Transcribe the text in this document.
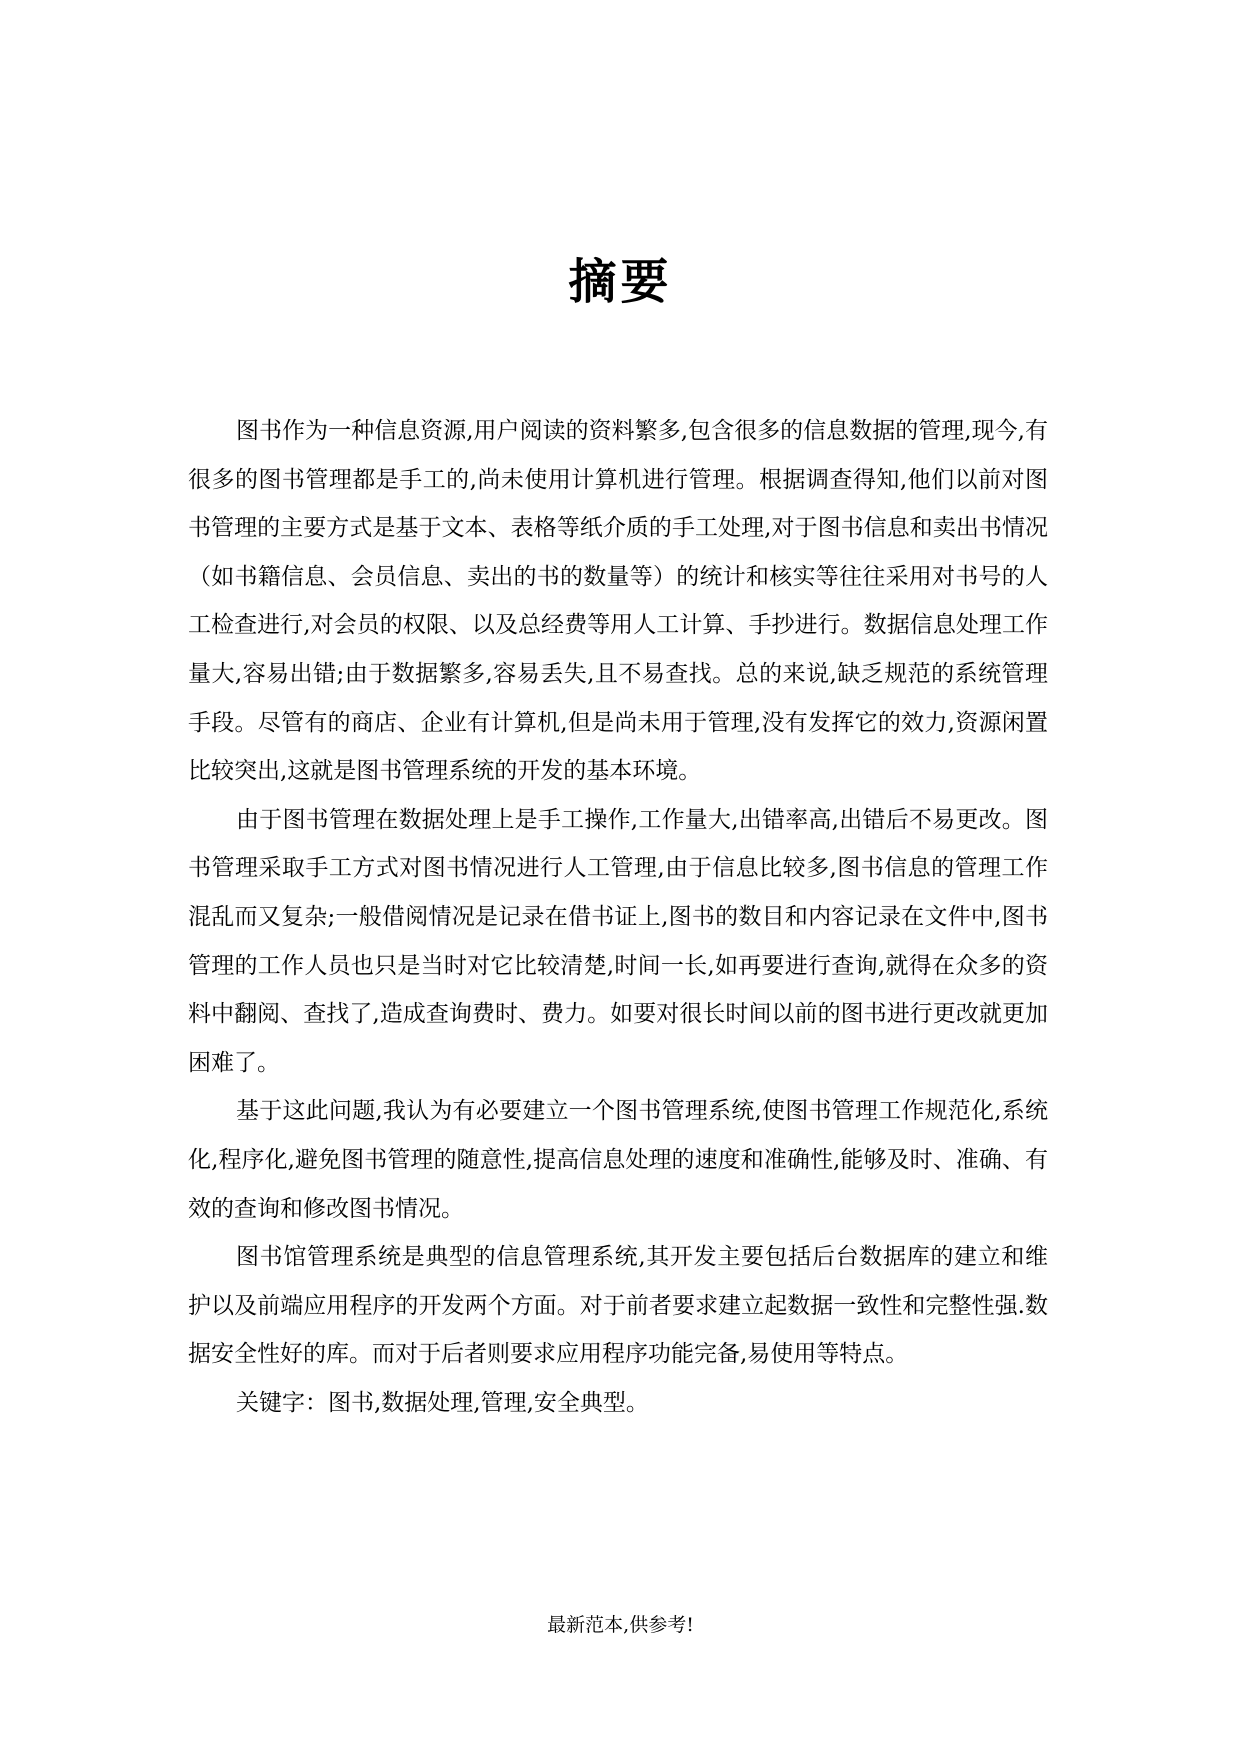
摘要

图书作为一种信息资源,用户阅读的资料繁多,包含很多的信息数据的管理,现今,有很多的图书管理都是手工的,尚未使用计算机进行管理。根据调查得知,他们以前对图书管理的主要方式是基于文本、表格等纸介质的手工处理,对于图书信息和卖出书情况（如书籍信息、会员信息、卖出的书的数量等）的统计和核实等往往采用对书号的人工检查进行,对会员的权限、以及总经费等用人工计算、手抄进行。数据信息处理工作量大,容易出错;由于数据繁多,容易丢失,且不易查找。总的来说,缺乏规范的系统管理手段。尽管有的商店、企业有计算机,但是尚未用于管理,没有发挥它的效力,资源闲置比较突出,这就是图书管理系统的开发的基本环境。

由于图书管理在数据处理上是手工操作,工作量大,出错率高,出错后不易更改。图书管理采取手工方式对图书情况进行人工管理,由于信息比较多,图书信息的管理工作混乱而又复杂;一般借阅情况是记录在借书证上,图书的数目和内容记录在文件中,图书管理的工作人员也只是当时对它比较清楚,时间一长,如再要进行查询,就得在众多的资料中翻阅、查找了,造成查询费时、费力。如要对很长时间以前的图书进行更改就更加困难了。

基于这此问题,我认为有必要建立一个图书管理系统,使图书管理工作规范化,系统化,程序化,避免图书管理的随意性,提高信息处理的速度和准确性,能够及时、准确、有效的查询和修改图书情况。

图书馆管理系统是典型的信息管理系统,其开发主要包括后台数据库的建立和维护以及前端应用程序的开发两个方面。对于前者要求建立起数据一致性和完整性强.数据安全性好的库。而对于后者则要求应用程序功能完备,易使用等特点。

关键字：图书,数据处理,管理,安全典型。

最新范本,供参考!
